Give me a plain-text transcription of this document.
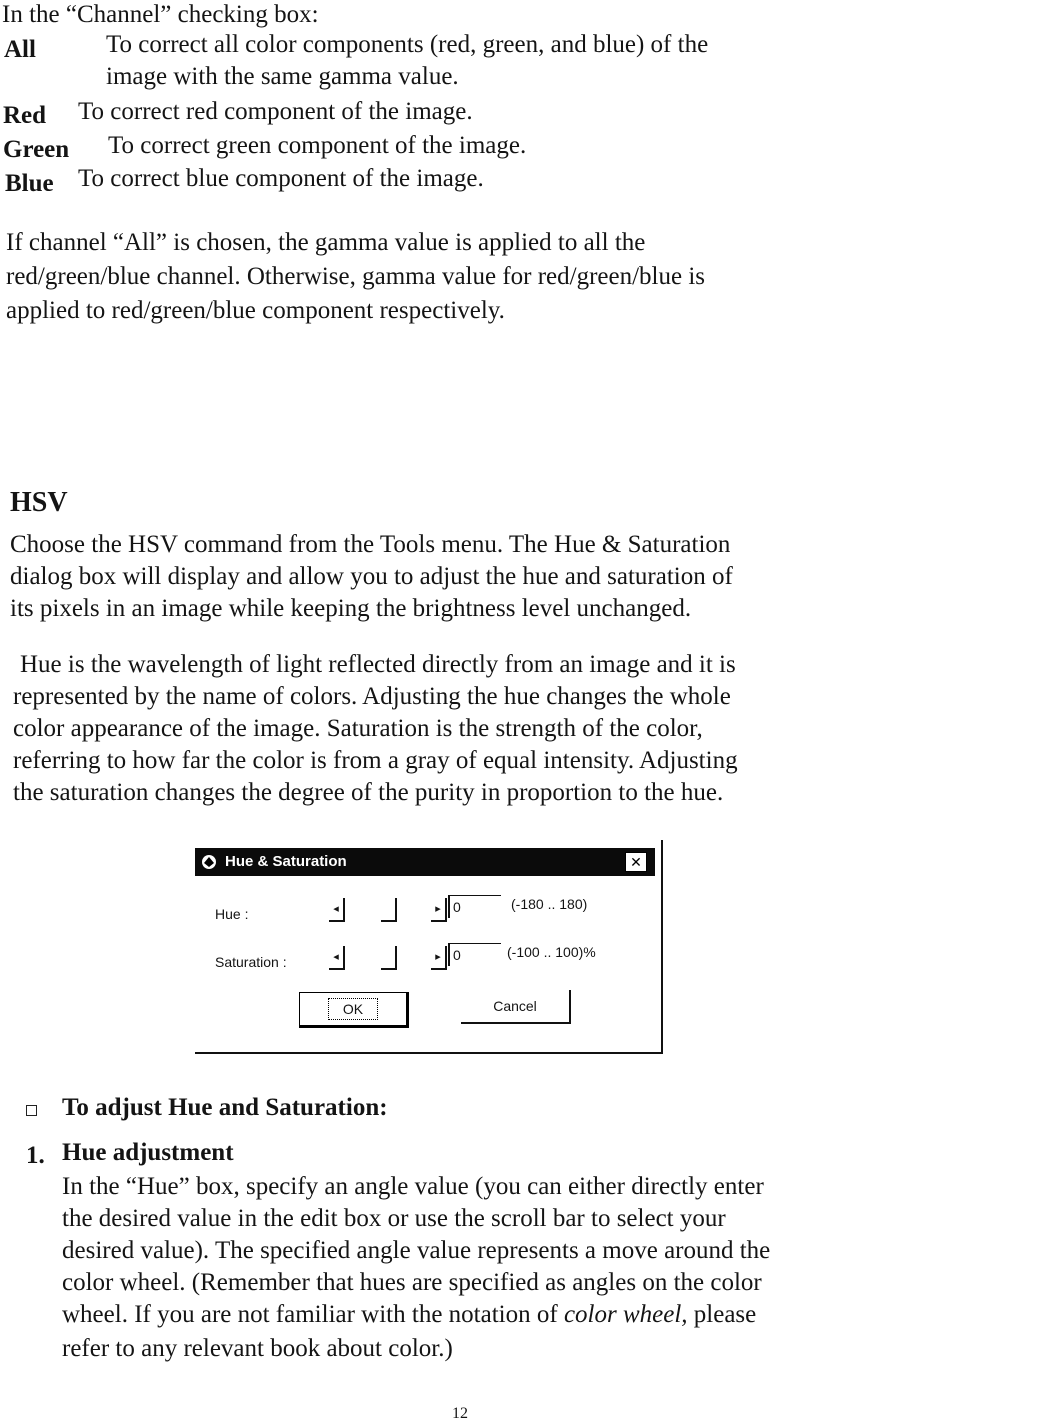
In the “Channel” checking box:
All	To correct all color components (red, green, and blue) of the
image with the same gamma value.
Red To correct red component of the image.
Green To correct green component of the image.
Blue To correct blue component of the image.
If channel “All” is chosen, the gamma value is applied to all the
red/green/blue channel. Otherwise, gamma value for red/green/blue is
applied to red/green/blue component respectively.
HSV
Choose the HSV command from the Tools menu. The Hue & Saturation
dialog box will display and allow you to adjust the hue and saturation of
its pixels in an image while keeping the brightness level unchanged.
Hue is the wavelength of light reflected directly from an image and it is
represented by the name of colors. Adjusting the hue changes the whole
color appearance of the image. Saturation is the strength of the color,
referring to how far the color is from a gray of equal intensity. Adjusting
the saturation changes the degree of the purity in proportion to the hue.
Hue & Saturation	✕
Hue :	◂	▸ 0	(-180 .. 180)
Saturation :	◂	▸ 0	(-100 .. 100)%
OK	Cancel
To adjust Hue and Saturation:
1. Hue adjustment
In the “Hue” box, specify an angle value (you can either directly enter
the desired value in the edit box or use the scroll bar to select your
desired value). The specified angle value represents a move around the
color wheel. (Remember that hues are specified as angles on the color
wheel. If you are not familiar with the notation of color wheel, please
refer to any relevant book about color.)
12
